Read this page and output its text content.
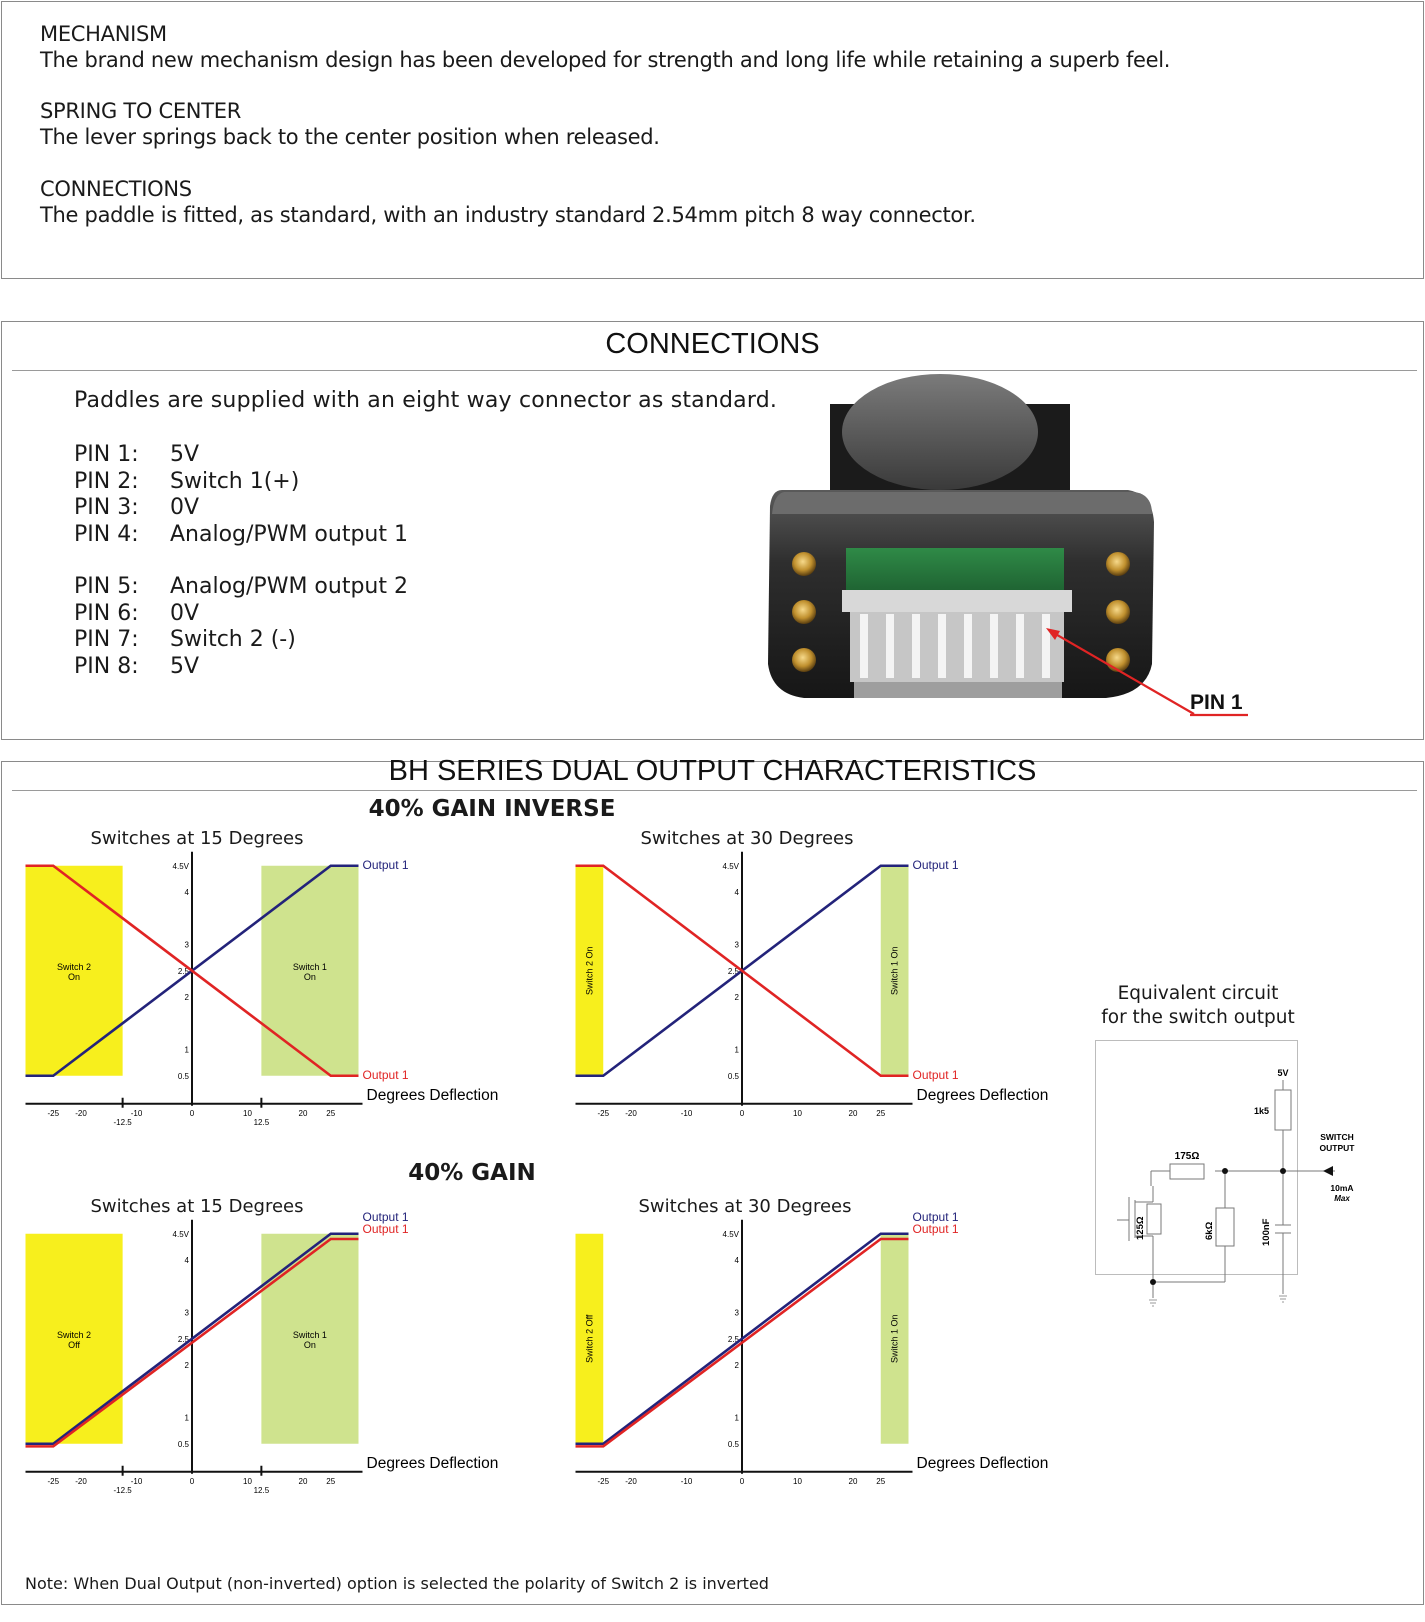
MECHANISM
The brand new mechanism design has been developed for strength and long life while retaining a superb feel.
SPRING TO CENTER
The lever springs back to the center position when released.
CONNECTIONS
The paddle is fitted, as standard, with an industry standard 2.54mm pitch 8 way connector.
CONNECTIONS
Paddles are supplied with an eight way connector as standard.
PIN 1: 5V
PIN 2: Switch 1(+)
PIN 3: 0V
PIN 4: Analog/PWM output 1
PIN 5: Analog/PWM output 2
PIN 6: 0V
PIN 7: Switch 2 (-)
PIN 8: 5V
PIN 1
BH SERIES DUAL OUTPUT CHARACTERISTICS
40% GAIN INVERSE
40% GAIN
Switches at 15 Degrees	Switches at 30 Degrees
Switches at 15 Degrees	Switches at 30 Degrees
Switch 2
On
Switch 1
On
0.5
1
2
2.5
3
4
4.5V
-25 -20
-12.5
-10	0	10
12.5
20 25
Degrees Deflection
Output 1
Output 1
Switch 2 On	Switch 1 On
0.5
1
2
2.5
3
4
4.5V
-25 -20	-10	0	10	20 25
Degrees Deflection
Output 1
Output 1
Switch 2
Off
Switch 1
On
0.5
1
2
2.5
3
4
4.5V
-25 -20
-12.5
-10	0	10
12.5
20 25
Degrees Deflection
Output 1
Output 1
Switch 2 Off	Switch 1 On
0.5
1
2
2.5
3
4
4.5V
-25 -20	-10	0	10	20 25
Degrees Deflection
Output 1
Output 1
Equivalent circuit
for the switch output
5V
1k5
175Ω
125Ω	6kΩ	100nF
SWITCH
OUTPUT
10mA
Max
Note: When Dual Output (non-inverted) option is selected the polarity of Switch 2 is inverted
